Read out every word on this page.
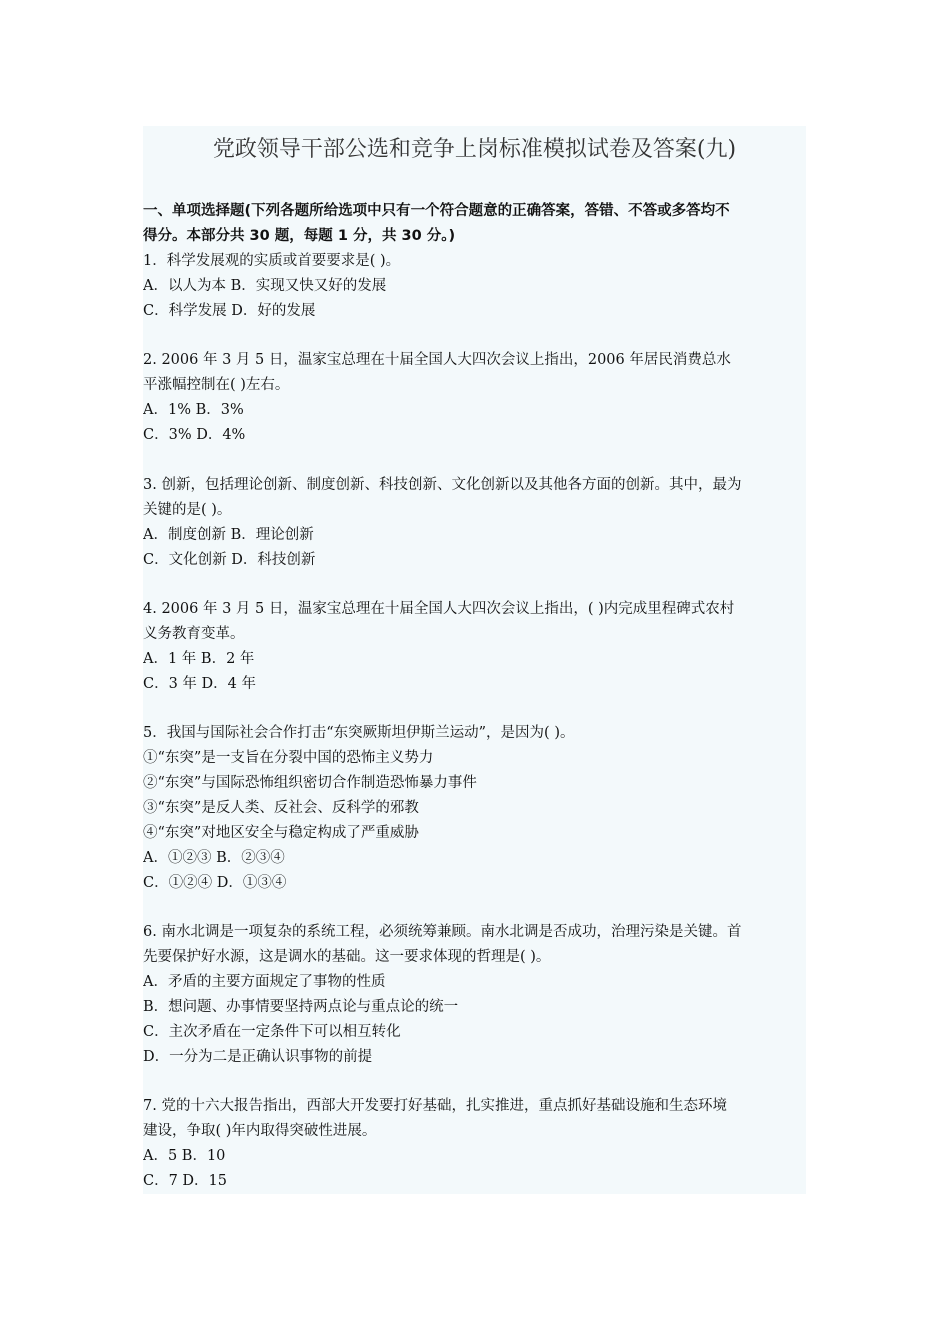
党政领导干部公选和竞争上岗标准模拟试卷及答案(九)
一、单项选择题(下列各题所给选项中只有一个符合题意的正确答案，答错、不答或多答均不
得分。本部分共 30 题，每题 1 分，共 30 分。)
1．科学发展观的实质或首要要求是( )。
A．以人为本 B．实现又快又好的发展
C．科学发展 D．好的发展
2. 2006 年 3 月 5 日，温家宝总理在十届全国人大四次会议上指出，2006 年居民消费总水
平涨幅控制在( )左右。
A．1% B．3%
C．3% D．4%
3. 创新，包括理论创新、制度创新、科技创新、文化创新以及其他各方面的创新。其中，最为
关键的是( )。
A．制度创新 B．理论创新
C．文化创新 D．科技创新
4. 2006 年 3 月 5 日，温家宝总理在十届全国人大四次会议上指出，( )内完成里程碑式农村
义务教育变革。
A．1 年 B．2 年
C．3 年 D．4 年
5．我国与国际社会合作打击“东突厥斯坦伊斯兰运动”，是因为( )。
①“东突”是一支旨在分裂中国的恐怖主义势力
②“东突”与国际恐怖组织密切合作制造恐怖暴力事件
③“东突”是反人类、反社会、反科学的邪教
④“东突”对地区安全与稳定构成了严重威胁
A．①②③ B．②③④
C．①②④ D．①③④
6. 南水北调是一项复杂的系统工程，必须统筹兼顾。南水北调是否成功，治理污染是关键。首
先要保护好水源，这是调水的基础。这一要求体现的哲理是( )。
A．矛盾的主要方面规定了事物的性质
B．想问题、办事情要坚持两点论与重点论的统一
C．主次矛盾在一定条件下可以相互转化
D．一分为二是正确认识事物的前提
7. 党的十六大报告指出，西部大开发要打好基础，扎实推进，重点抓好基础设施和生态环境
建设，争取( )年内取得突破性进展。
A．5 B．10
C．7 D．15
